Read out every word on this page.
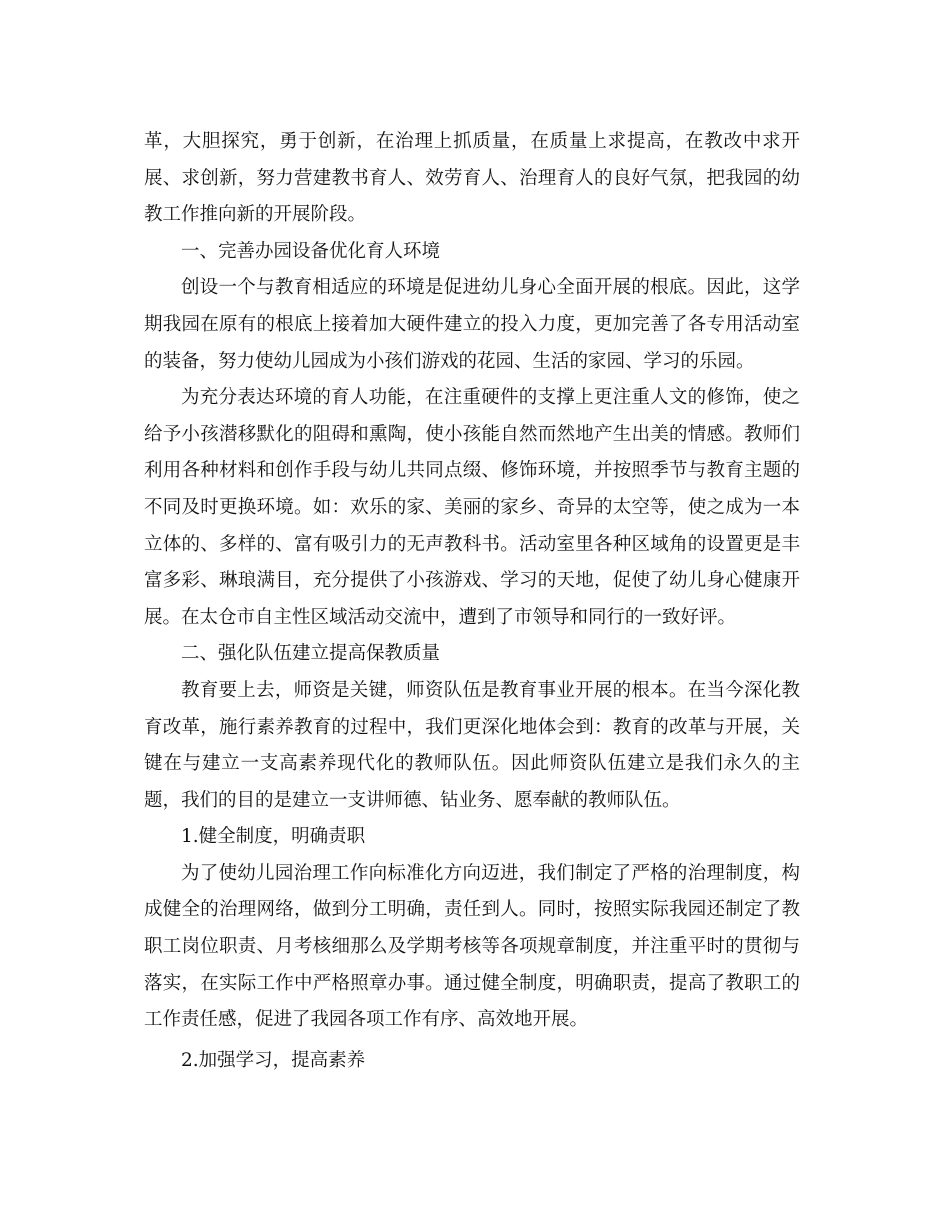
革，大胆探究，勇于创新，在治理上抓质量，在质量上求提高，在教改中求开展、求创新，努力营建教书育人、效劳育人、治理育人的良好气氛，把我园的幼教工作推向新的开展阶段。

一、完善办园设备优化育人环境

创设一个与教育相适应的环境是促进幼儿身心全面开展的根底。因此，这学期我园在原有的根底上接着加大硬件建立的投入力度，更加完善了各专用活动室的装备，努力使幼儿园成为小孩们游戏的花园、生活的家园、学习的乐园。

为充分表达环境的育人功能，在注重硬件的支撑上更注重人文的修饰，使之给予小孩潜移默化的阻碍和熏陶，使小孩能自然而然地产生出美的情感。教师们利用各种材料和创作手段与幼儿共同点缀、修饰环境，并按照季节与教育主题的不同及时更换环境。如：欢乐的家、美丽的家乡、奇异的太空等，使之成为一本立体的、多样的、富有吸引力的无声教科书。活动室里各种区域角的设置更是丰富多彩、琳琅满目，充分提供了小孩游戏、学习的天地，促使了幼儿身心健康开展。在太仓市自主性区域活动交流中，遭到了市领导和同行的一致好评。

二、强化队伍建立提高保教质量

教育要上去，师资是关键，师资队伍是教育事业开展的根本。在当今深化教育改革，施行素养教育的过程中，我们更深化地体会到：教育的改革与开展，关键在与建立一支高素养现代化的教师队伍。因此师资队伍建立是我们永久的主题，我们的目的是建立一支讲师德、钻业务、愿奉献的教师队伍。

1.健全制度，明确责职

为了使幼儿园治理工作向标准化方向迈进，我们制定了严格的治理制度，构成健全的治理网络，做到分工明确，责任到人。同时，按照实际我园还制定了教职工岗位职责、月考核细那么及学期考核等各项规章制度，并注重平时的贯彻与落实，在实际工作中严格照章办事。通过健全制度，明确职责，提高了教职工的工作责任感，促进了我园各项工作有序、高效地开展。

2.加强学习，提高素养
